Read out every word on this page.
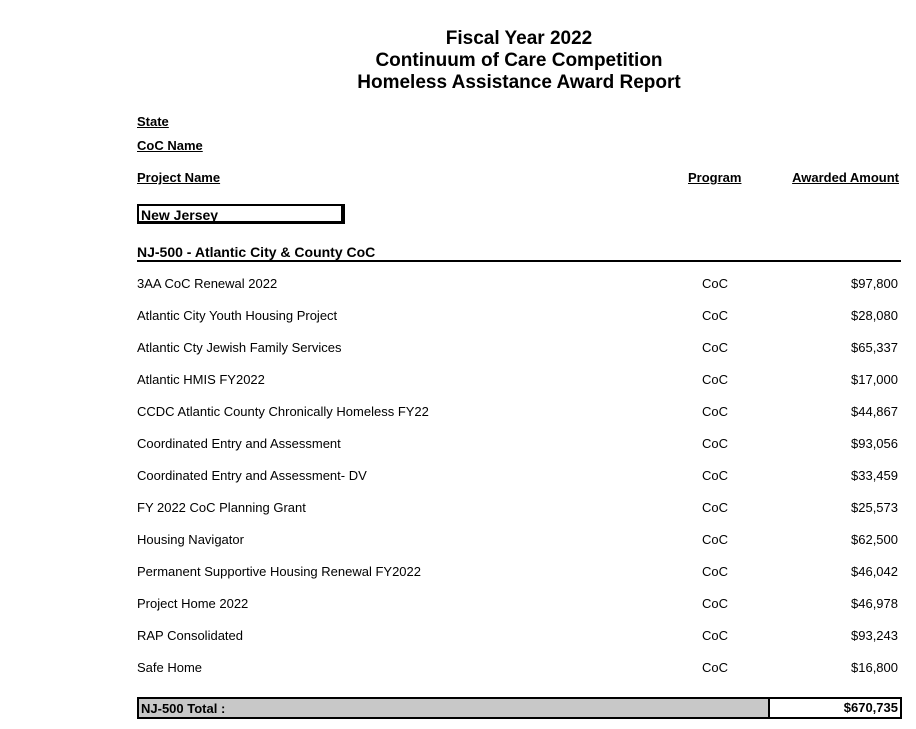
Fiscal Year 2022
Continuum of Care Competition
Homeless Assistance Award Report
State
CoC Name
Project Name	Program	Awarded Amount
New Jersey
NJ-500 - Atlantic City & County CoC
3AA CoC Renewal 2022	CoC	$97,800
Atlantic City Youth Housing Project	CoC	$28,080
Atlantic Cty Jewish Family Services	CoC	$65,337
Atlantic HMIS FY2022	CoC	$17,000
CCDC Atlantic County Chronically Homeless FY22	CoC	$44,867
Coordinated Entry and Assessment	CoC	$93,056
Coordinated Entry and Assessment- DV	CoC	$33,459
FY 2022 CoC Planning Grant	CoC	$25,573
Housing Navigator	CoC	$62,500
Permanent Supportive Housing Renewal FY2022	CoC	$46,042
Project Home 2022	CoC	$46,978
RAP Consolidated	CoC	$93,243
Safe Home	CoC	$16,800
NJ-500 Total :	$670,735
